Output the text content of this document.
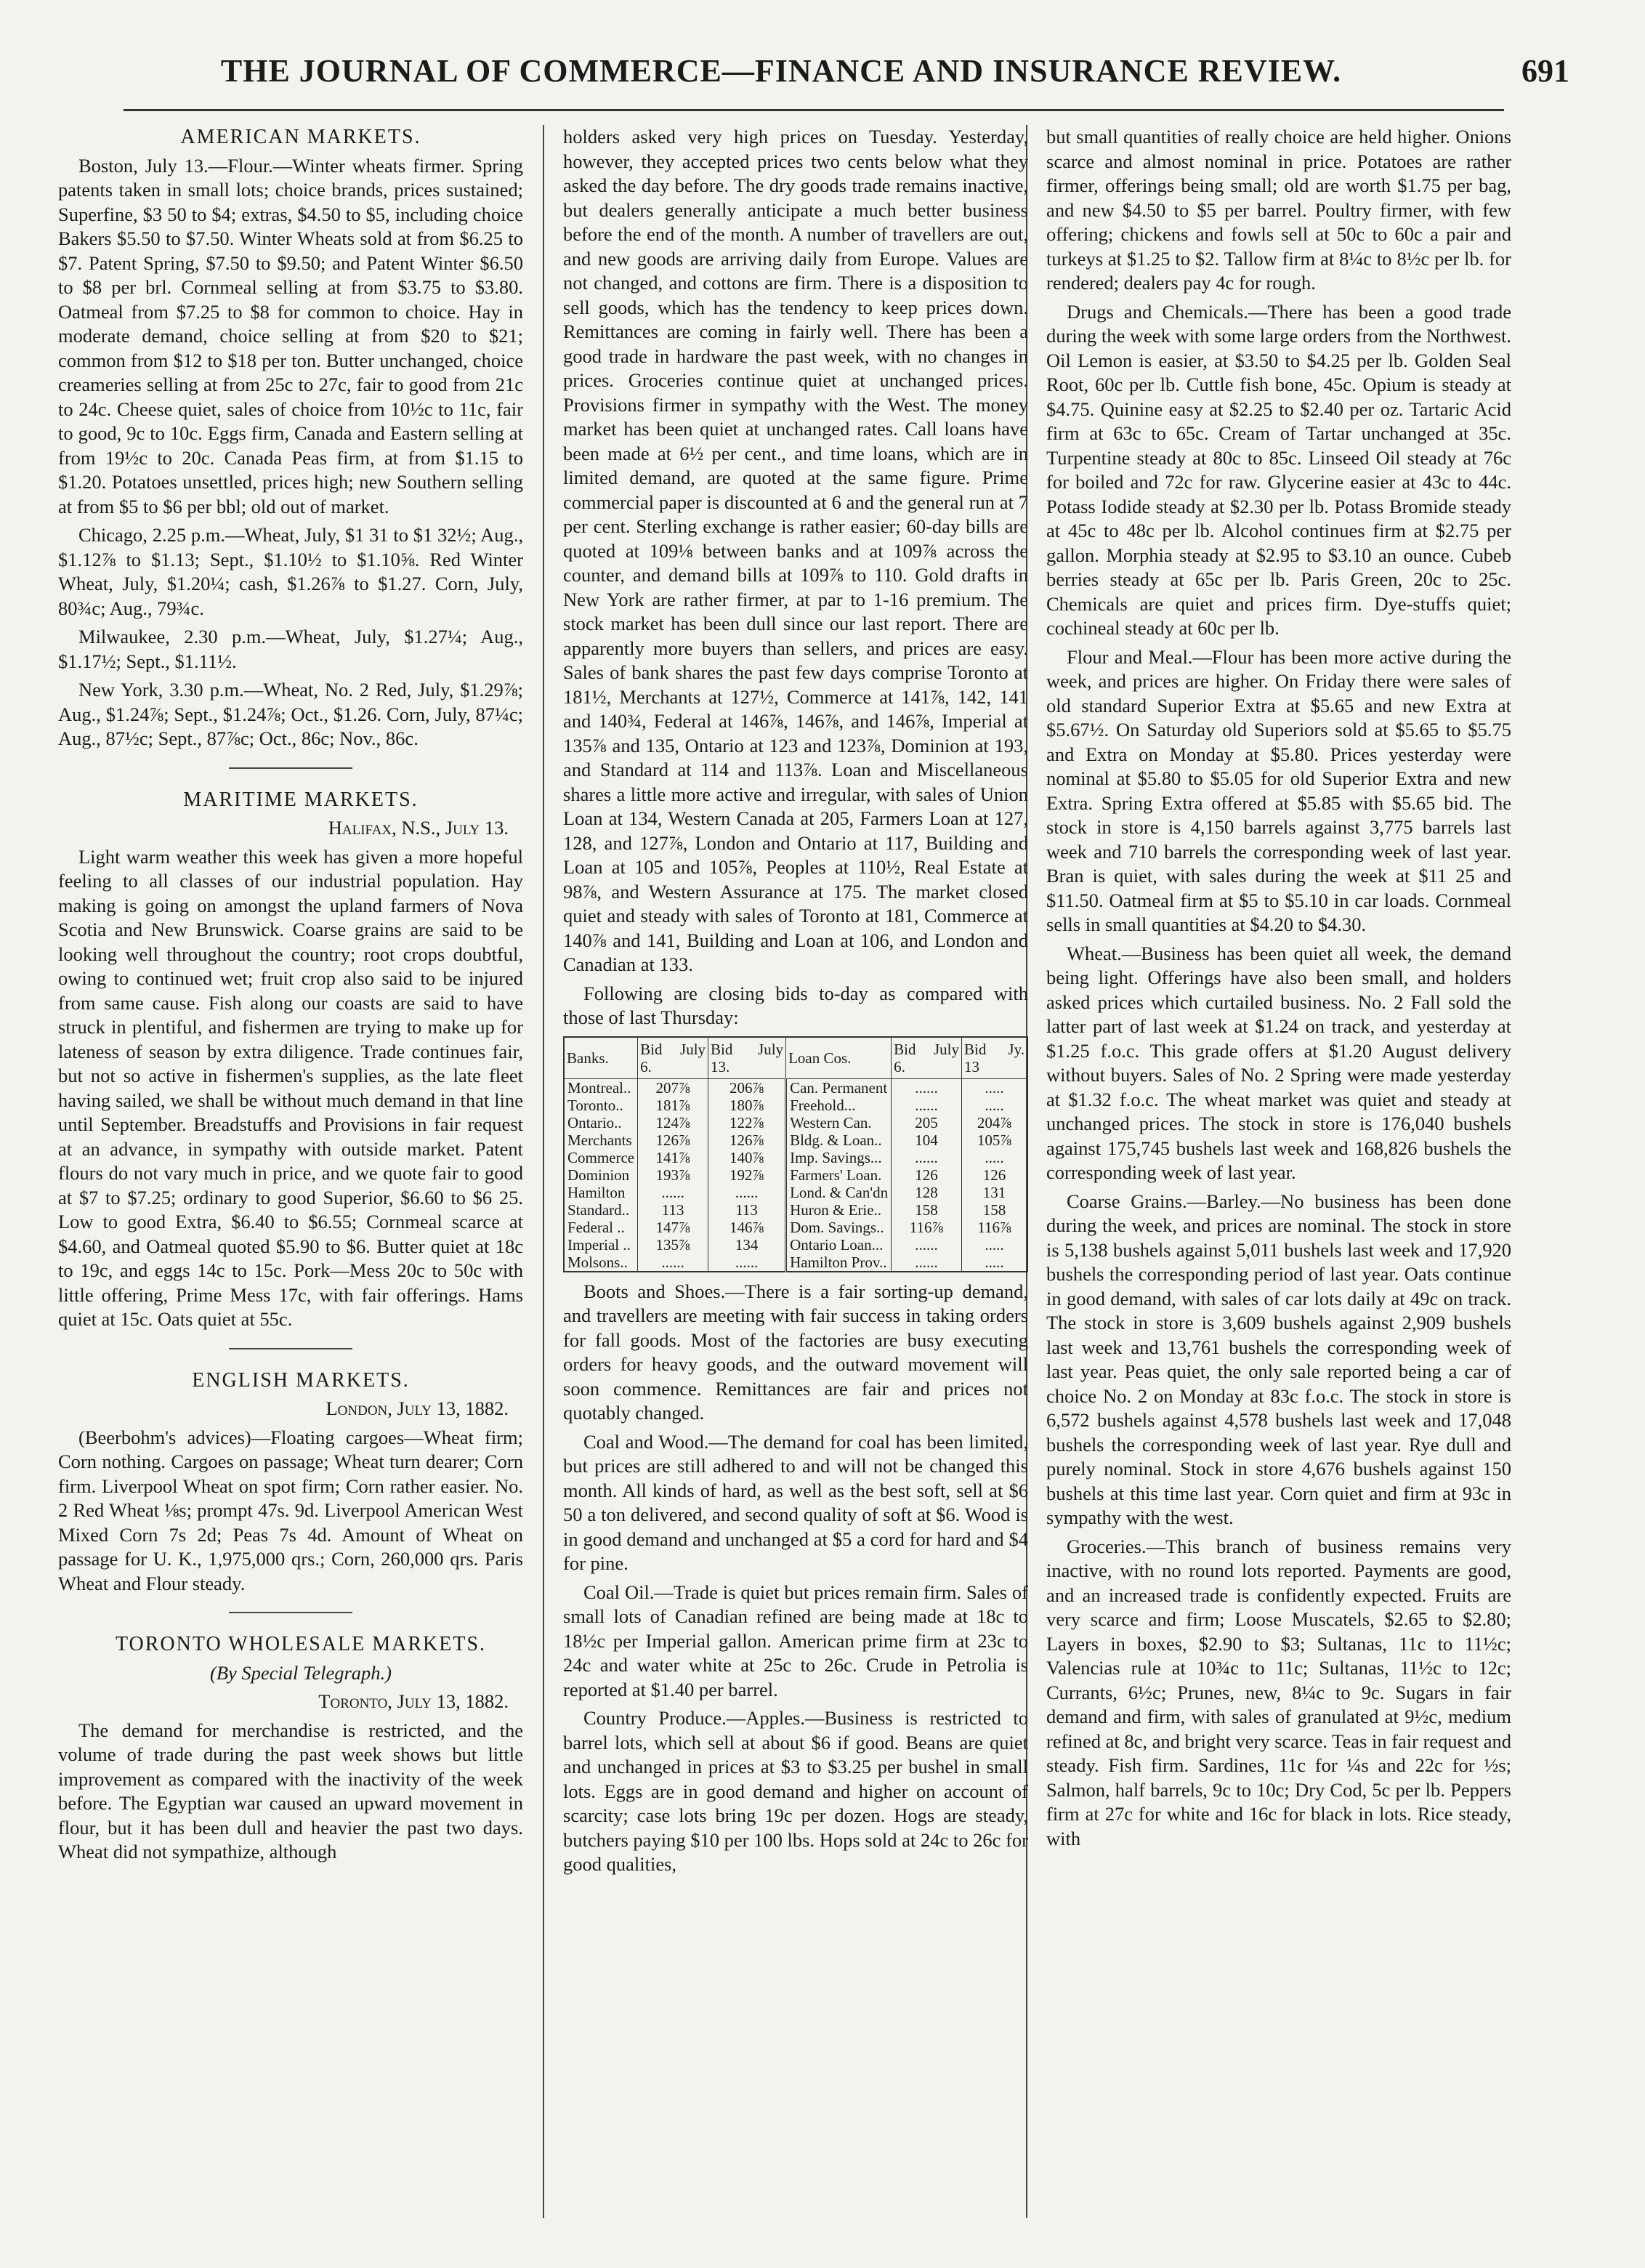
THE JOURNAL OF COMMERCE—FINANCE AND INSURANCE REVIEW.	691

AMERICAN MARKETS.

Boston, July 13.—Flour.—Winter wheats firmer. Spring patents taken in small lots; choice brands, prices sustained; Superfine, $3 50 to $4; extras, $4.50 to $5, including choice Bakers $5.50 to $7.50. Winter Wheats sold at from $6.25 to $7. Patent Spring, $7.50 to $9.50; and Patent Winter $6.50 to $8 per brl. Cornmeal selling at from $3.75 to $3.80. Oatmeal from $7.25 to $8 for common to choice. Hay in moderate demand, choice selling at from $20 to $21; common from $12 to $18 per ton. Butter unchanged, choice creameries selling at from 25c to 27c, fair to good from 21c to 24c. Cheese quiet, sales of choice from 10½c to 11c, fair to good, 9c to 10c. Eggs firm, Canada and Eastern selling at from 19½c to 20c. Canada Peas firm, at from $1.15 to $1.20. Potatoes unsettled, prices high; new Southern selling at from $5 to $6 per bbl; old out of market.

Chicago, 2.25 p.m.—Wheat, July, $1 31 to $1 32½; Aug., $1.12⅞ to $1.13; Sept., $1.10½ to $1.10⅝. Red Winter Wheat, July, $1.20¼; cash, $1.26⅞ to $1.27. Corn, July, 80¾c; Aug., 79¾c.

Milwaukee, 2.30 p.m.—Wheat, July, $1.27¼; Aug., $1.17½; Sept., $1.11½.

New York, 3.30 p.m.—Wheat, No. 2 Red, July, $1.29⅞; Aug., $1.24⅞; Sept., $1.24⅞; Oct., $1.26. Corn, July, 87¼c; Aug., 87½c; Sept., 87⅞c; Oct., 86c; Nov., 86c.

MARITIME MARKETS.

Halifax, N.S., July 13.

Light warm weather this week has given a more hopeful feeling to all classes of our industrial population. Hay making is going on amongst the upland farmers of Nova Scotia and New Brunswick. Coarse grains are said to be looking well throughout the country; root crops doubtful, owing to continued wet; fruit crop also said to be injured from same cause. Fish along our coasts are said to have struck in plentiful, and fishermen are trying to make up for lateness of season by extra diligence. Trade continues fair, but not so active in fishermen's supplies, as the late fleet having sailed, we shall be without much demand in that line until September. Breadstuffs and Provisions in fair request at an advance, in sympathy with outside market. Patent flours do not vary much in price, and we quote fair to good at $7 to $7.25; ordinary to good Superior, $6.60 to $6 25. Low to good Extra, $6.40 to $6.55; Cornmeal scarce at $4.60, and Oatmeal quoted $5.90 to $6. Butter quiet at 18c to 19c, and eggs 14c to 15c. Pork—Mess 20c to 50c with little offering, Prime Mess 17c, with fair offerings. Hams quiet at 15c. Oats quiet at 55c.

ENGLISH MARKETS.

London, July 13, 1882.

(Beerbohm's advices)—Floating cargoes—Wheat firm; Corn nothing. Cargoes on passage; Wheat turn dearer; Corn firm. Liverpool Wheat on spot firm; Corn rather easier. No. 2 Red Wheat ⅛s; prompt 47s. 9d. Liverpool American West Mixed Corn 7s 2d; Peas 7s 4d. Amount of Wheat on passage for U. K., 1,975,000 qrs.; Corn, 260,000 qrs. Paris Wheat and Flour steady.

TORONTO WHOLESALE MARKETS.

(By Special Telegraph.)

Toronto, July 13, 1882.

The demand for merchandise is restricted, and the volume of trade during the past week shows but little improvement as compared with the inactivity of the week before. The Egyptian war caused an upward movement in flour, but it has been dull and heavier the past two days. Wheat did not sympathize, although

holders asked very high prices on Tuesday. Yesterday, however, they accepted prices two cents below what they asked the day before. The dry goods trade remains inactive, but dealers generally anticipate a much better business before the end of the month. A number of travellers are out, and new goods are arriving daily from Europe. Values are not changed, and cottons are firm. There is a disposition to sell goods, which has the tendency to keep prices down. Remittances are coming in fairly well. There has been a good trade in hardware the past week, with no changes in prices. Groceries continue quiet at unchanged prices. Provisions firmer in sympathy with the West. The money market has been quiet at unchanged rates. Call loans have been made at 6½ per cent., and time loans, which are in limited demand, are quoted at the same figure. Prime commercial paper is discounted at 6 and the general run at 7 per cent. Sterling exchange is rather easier; 60-day bills are quoted at 109⅛ between banks and at 109⅞ across the counter, and demand bills at 109⅞ to 110. Gold drafts in New York are rather firmer, at par to 1-16 premium. The stock market has been dull since our last report. There are apparently more buyers than sellers, and prices are easy. Sales of bank shares the past few days comprise Toronto at 181½, Merchants at 127½, Commerce at 141⅞, 142, 141 and 140¾, Federal at 146⅞, 146⅞, and 146⅞, Imperial at 135⅞ and 135, Ontario at 123 and 123⅞, Dominion at 193, and Standard at 114 and 113⅞. Loan and Miscellaneous shares a little more active and irregular, with sales of Union Loan at 134, Western Canada at 205, Farmers Loan at 127, 128, and 127⅞, London and Ontario at 117, Building and Loan at 105 and 105⅞, Peoples at 110½, Real Estate at 98⅞, and Western Assurance at 175. The market closed quiet and steady with sales of Toronto at 181, Commerce at 140⅞ and 141, Building and Loan at 106, and London and Canadian at 133.

Following are closing bids to-day as compared with those of last Thursday:

Banks.	Bid July 6.	Bid July 13.	Loan Cos.	Bid July 6.	Bid Jy. 13
Montreal..	207⅞	206⅞	Can. Permanent	......	.....
Toronto..	181⅞	180⅞	Freehold...	......	.....
Ontario..	124⅞	122⅞	Western Can.	205	204⅞
Merchants	126⅞	126⅞	Bldg. & Loan..	104	105⅞
Commerce	141⅞	140⅞	Imp. Savings...	......	.....
Dominion	193⅞	192⅞	Farmers' Loan.	126	126
Hamilton	......	......	Lond. & Can'dn	128	131
Standard..	113	113	Huron & Erie..	158	158
Federal ..	147⅞	146⅞	Dom. Savings..	116⅞	116⅞
Imperial ..	135⅞	134	Ontario Loan...	......	.....
Molsons..	......	......	Hamilton Prov..	......	.....

Boots and Shoes.—There is a fair sorting-up demand, and travellers are meeting with fair success in taking orders for fall goods. Most of the factories are busy executing orders for heavy goods, and the outward movement will soon commence. Remittances are fair and prices not quotably changed.

Coal and Wood.—The demand for coal has been limited, but prices are still adhered to and will not be changed this month. All kinds of hard, as well as the best soft, sell at $6 50 a ton delivered, and second quality of soft at $6. Wood is in good demand and unchanged at $5 a cord for hard and $4 for pine.

Coal Oil.—Trade is quiet but prices remain firm. Sales of small lots of Canadian refined are being made at 18c to 18½c per Imperial gallon. American prime firm at 23c to 24c and water white at 25c to 26c. Crude in Petrolia is reported at $1.40 per barrel.

Country Produce.—Apples.—Business is restricted to barrel lots, which sell at about $6 if good. Beans are quiet and unchanged in prices at $3 to $3.25 per bushel in small lots. Eggs are in good demand and higher on account of scarcity; case lots bring 19c per dozen. Hogs are steady, butchers paying $10 per 100 lbs. Hops sold at 24c to 26c for good qualities,

but small quantities of really choice are held higher. Onions scarce and almost nominal in price. Potatoes are rather firmer, offerings being small; old are worth $1.75 per bag, and new $4.50 to $5 per barrel. Poultry firmer, with few offering; chickens and fowls sell at 50c to 60c a pair and turkeys at $1.25 to $2. Tallow firm at 8¼c to 8½c per lb. for rendered; dealers pay 4c for rough.

Drugs and Chemicals.—There has been a good trade during the week with some large orders from the Northwest. Oil Lemon is easier, at $3.50 to $4.25 per lb. Golden Seal Root, 60c per lb. Cuttle fish bone, 45c. Opium is steady at $4.75. Quinine easy at $2.25 to $2.40 per oz. Tartaric Acid firm at 63c to 65c. Cream of Tartar unchanged at 35c. Turpentine steady at 80c to 85c. Linseed Oil steady at 76c for boiled and 72c for raw. Glycerine easier at 43c to 44c. Potass Iodide steady at $2.30 per lb. Potass Bromide steady at 45c to 48c per lb. Alcohol continues firm at $2.75 per gallon. Morphia steady at $2.95 to $3.10 an ounce. Cubeb berries steady at 65c per lb. Paris Green, 20c to 25c. Chemicals are quiet and prices firm. Dye-stuffs quiet; cochineal steady at 60c per lb.

Flour and Meal.—Flour has been more active during the week, and prices are higher. On Friday there were sales of old standard Superior Extra at $5.65 and new Extra at $5.67½. On Saturday old Superiors sold at $5.65 to $5.75 and Extra on Monday at $5.80. Prices yesterday were nominal at $5.80 to $5.05 for old Superior Extra and new Extra. Spring Extra offered at $5.85 with $5.65 bid. The stock in store is 4,150 barrels against 3,775 barrels last week and 710 barrels the corresponding week of last year. Bran is quiet, with sales during the week at $11 25 and $11.50. Oatmeal firm at $5 to $5.10 in car loads. Cornmeal sells in small quantities at $4.20 to $4.30.

Wheat.—Business has been quiet all week, the demand being light. Offerings have also been small, and holders asked prices which curtailed business. No. 2 Fall sold the latter part of last week at $1.24 on track, and yesterday at $1.25 f.o.c. This grade offers at $1.20 August delivery without buyers. Sales of No. 2 Spring were made yesterday at $1.32 f.o.c. The wheat market was quiet and steady at unchanged prices. The stock in store is 176,040 bushels against 175,745 bushels last week and 168,826 bushels the corresponding week of last year.

Coarse Grains.—Barley.—No business has been done during the week, and prices are nominal. The stock in store is 5,138 bushels against 5,011 bushels last week and 17,920 bushels the corresponding period of last year. Oats continue in good demand, with sales of car lots daily at 49c on track. The stock in store is 3,609 bushels against 2,909 bushels last week and 13,761 bushels the corresponding week of last year. Peas quiet, the only sale reported being a car of choice No. 2 on Monday at 83c f.o.c. The stock in store is 6,572 bushels against 4,578 bushels last week and 17,048 bushels the corresponding week of last year. Rye dull and purely nominal. Stock in store 4,676 bushels against 150 bushels at this time last year. Corn quiet and firm at 93c in sympathy with the west.

Groceries.—This branch of business remains very inactive, with no round lots reported. Payments are good, and an increased trade is confidently expected. Fruits are very scarce and firm; Loose Muscatels, $2.65 to $2.80; Layers in boxes, $2.90 to $3; Sultanas, 11c to 11½c; Valencias rule at 10¾c to 11c; Sultanas, 11½c to 12c; Currants, 6½c; Prunes, new, 8¼c to 9c. Sugars in fair demand and firm, with sales of granulated at 9½c, medium refined at 8c, and bright very scarce. Teas in fair request and steady. Fish firm. Sardines, 11c for ¼s and 22c for ½s; Salmon, half barrels, 9c to 10c; Dry Cod, 5c per lb. Peppers firm at 27c for white and 16c for black in lots. Rice steady, with
